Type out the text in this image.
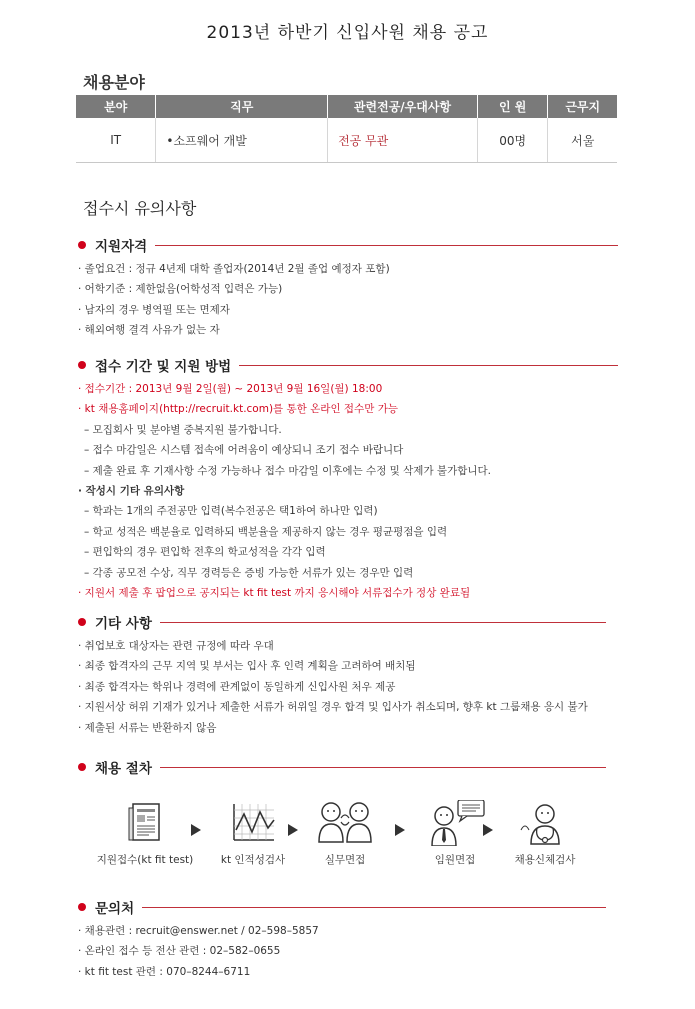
2013년 하반기 신입사원 채용 공고
채용분야
분야	직무	관련전공/우대사항	인 원	근무지
IT	•소프웨어 개발	전공 무관	00명	서울
접수시 유의사항
지원자격
· 졸업요건 : 정규 4년제 대학 졸업자(2014년 2월 졸업 예정자 포함)
· 어학기준 : 제한없음(어학성적 입력은 가능)
· 남자의 경우 병역필 또는 면제자
· 해외여행 결격 사유가 없는 자
접수 기간 및 지원 방법
· 접수기간 : 2013년 9월 2일(월) ~ 2013년 9월 16일(월) 18:00
· kt 채용홈페이지(http://recruit.kt.com)를 통한 온라인 접수만 가능
– 모집회사 및 분야별 중복지원 불가합니다.
– 접수 마감일은 시스템 접속에 어려움이 예상되니 조기 접수 바랍니다
– 제출 완료 후 기재사항 수정 가능하나 접수 마감일 이후에는 수정 및 삭제가 불가합니다.
· 작성시 기타 유의사항
– 학과는 1개의 주전공만 입력(복수전공은 택1하여 하나만 입력)
– 학교 성적은 백분율로 입력하되 백분율을 제공하지 않는 경우 평균평점을 입력
– 편입학의 경우 편입학 전후의 학교성적을 각각 입력
– 각종 공모전 수상, 직무 경력등은 증빙 가능한 서류가 있는 경우만 입력
· 지원서 제출 후 팝업으로 공지되는 kt fit test 까지 응시해야 서류접수가 정상 완료됨
기타 사항
· 취업보호 대상자는 관련 규정에 따라 우대
· 최종 합격자의 근무 지역 및 부서는 입사 후 인력 계획을 고려하여 배치됨
· 최종 합격자는 학위나 경력에 관계없이 동일하게 신입사원 처우 제공
· 지원서상 허위 기재가 있거나 제출한 서류가 허위일 경우 합격 및 입사가 취소되며, 향후 kt 그룹채용 응시 불가
· 제출된 서류는 반환하지 않음
채용 절차
지원접수(kt fit test)	kt 인적성검사	실무면접	임원면접	채용신체검사
문의처
· 채용관련 : recruit@enswer.net / 02–598–5857
· 온라인 접수 등 전산 관련 : 02–582–0655
· kt fit test 관련 : 070–8244–6711
